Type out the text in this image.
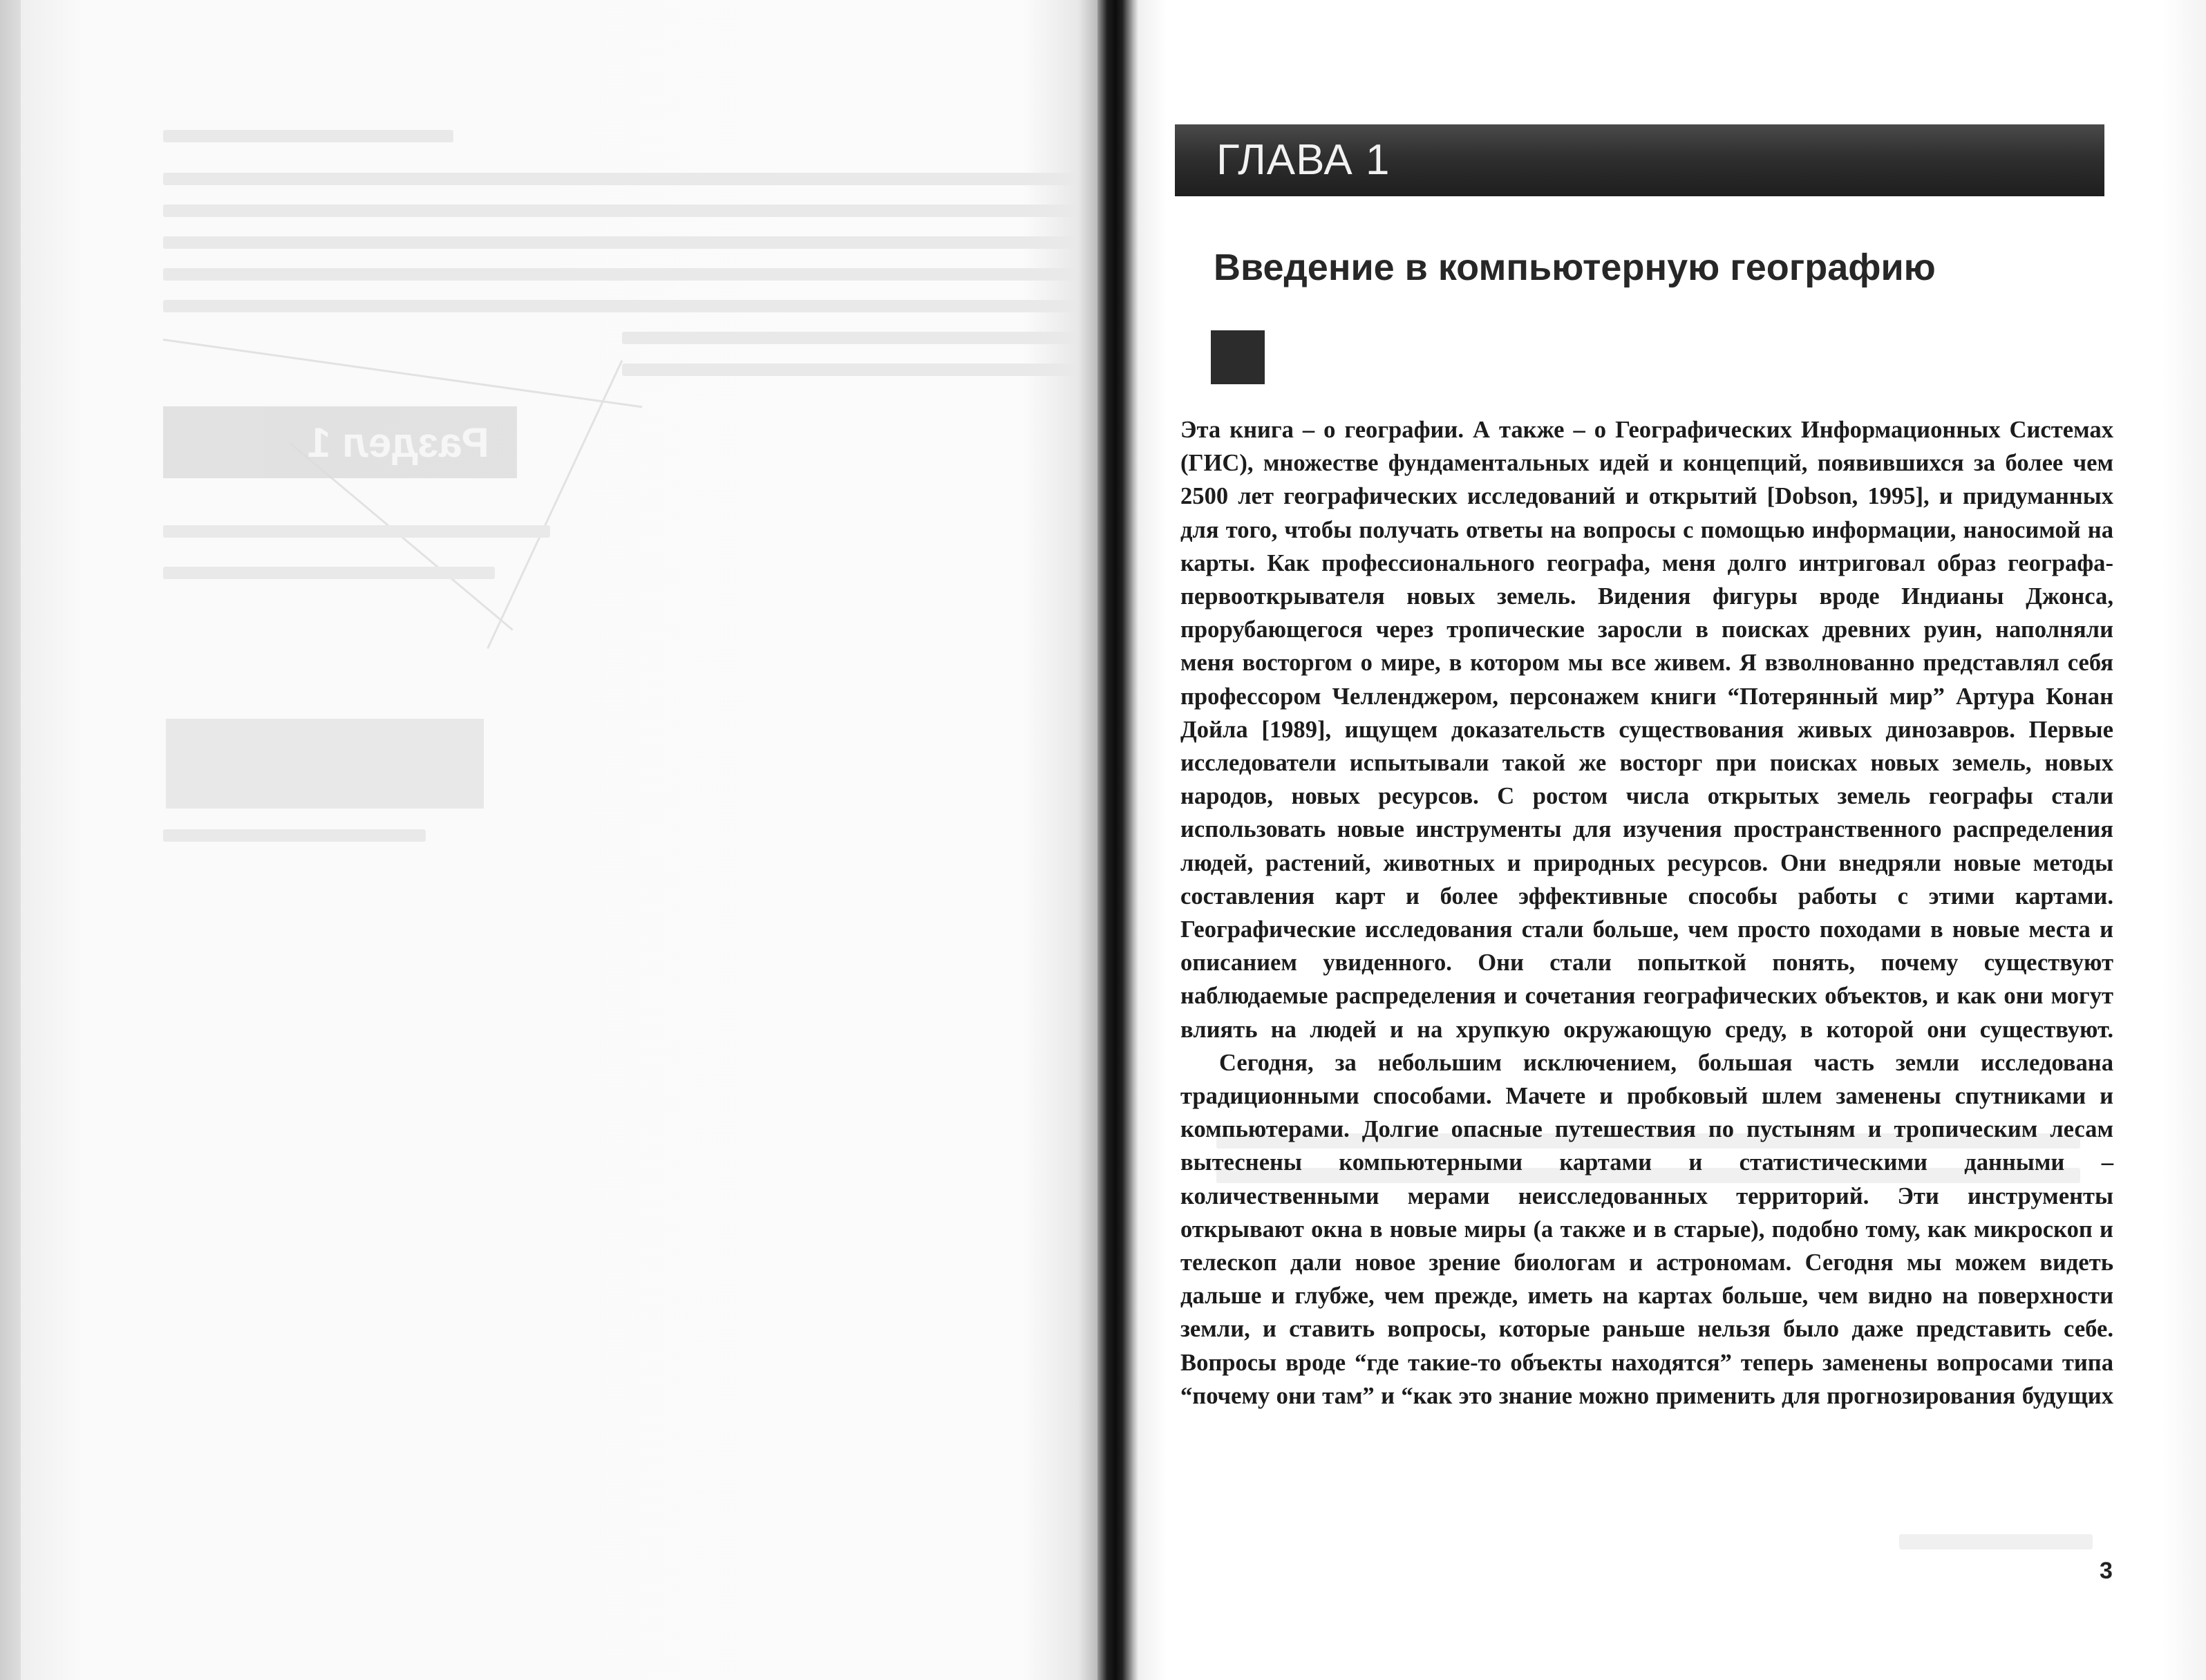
Раздел 1
ГЛАВА 1
Введение в компьютерную географию

Эта книга – о географии. А также – о Географических Информационных Системах (ГИС), множестве фундаментальных идей и концепций, появившихся за более чем 2500 лет географических исследований и открытий [Dobson, 1995], и придуманных для того, чтобы получать ответы на вопросы с помощью информации, наносимой на карты. Как профессионального географа, меня долго интриговал образ географа-первооткрывателя новых земель. Видения фигуры вроде Индианы Джонса, прорубающегося через тропические заросли в поисках древних руин, наполняли меня восторгом о мире, в котором мы все живем. Я взволнованно представлял себя профессором Челленджером, персонажем книги “Потерянный мир” Артура Конан Дойла [1989], ищущем доказательств существования живых динозавров. Первые исследователи испытывали такой же восторг при поисках новых земель, новых народов, новых ресурсов. С ростом числа открытых земель географы стали использовать новые инструменты для изучения пространственного распределения людей, растений, животных и природных ресурсов. Они внедряли новые методы составления карт и более эффективные способы работы с этими картами. Географические исследования стали больше, чем просто походами в новые места и описанием увиденного. Они стали попыткой понять, почему существуют наблюдаемые распределения и сочетания географических объектов, и как они могут влиять на людей и на хрупкую окружающую среду, в которой они существуют.

Сегодня, за небольшим исключением, большая часть земли исследована традиционными способами. Мачете и пробковый шлем заменены спутниками и компьютерами. Долгие опасные путешествия по пустыням и тропическим лесам вытеснены компьютерными картами и статистическими данными – количественными мерами неисследованных территорий. Эти инструменты открывают окна в новые миры (а также и в старые), подобно тому, как микроскоп и телескоп дали новое зрение биологам и астрономам. Сегодня мы можем видеть дальше и глубже, чем прежде, иметь на картах больше, чем видно на поверхности земли, и ставить вопросы, которые раньше нельзя было даже представить себе. Вопросы вроде “где такие-то объекты находятся” теперь заменены вопросами типа “почему они там” и “как это знание можно применить для прогнозирования будущих

3
